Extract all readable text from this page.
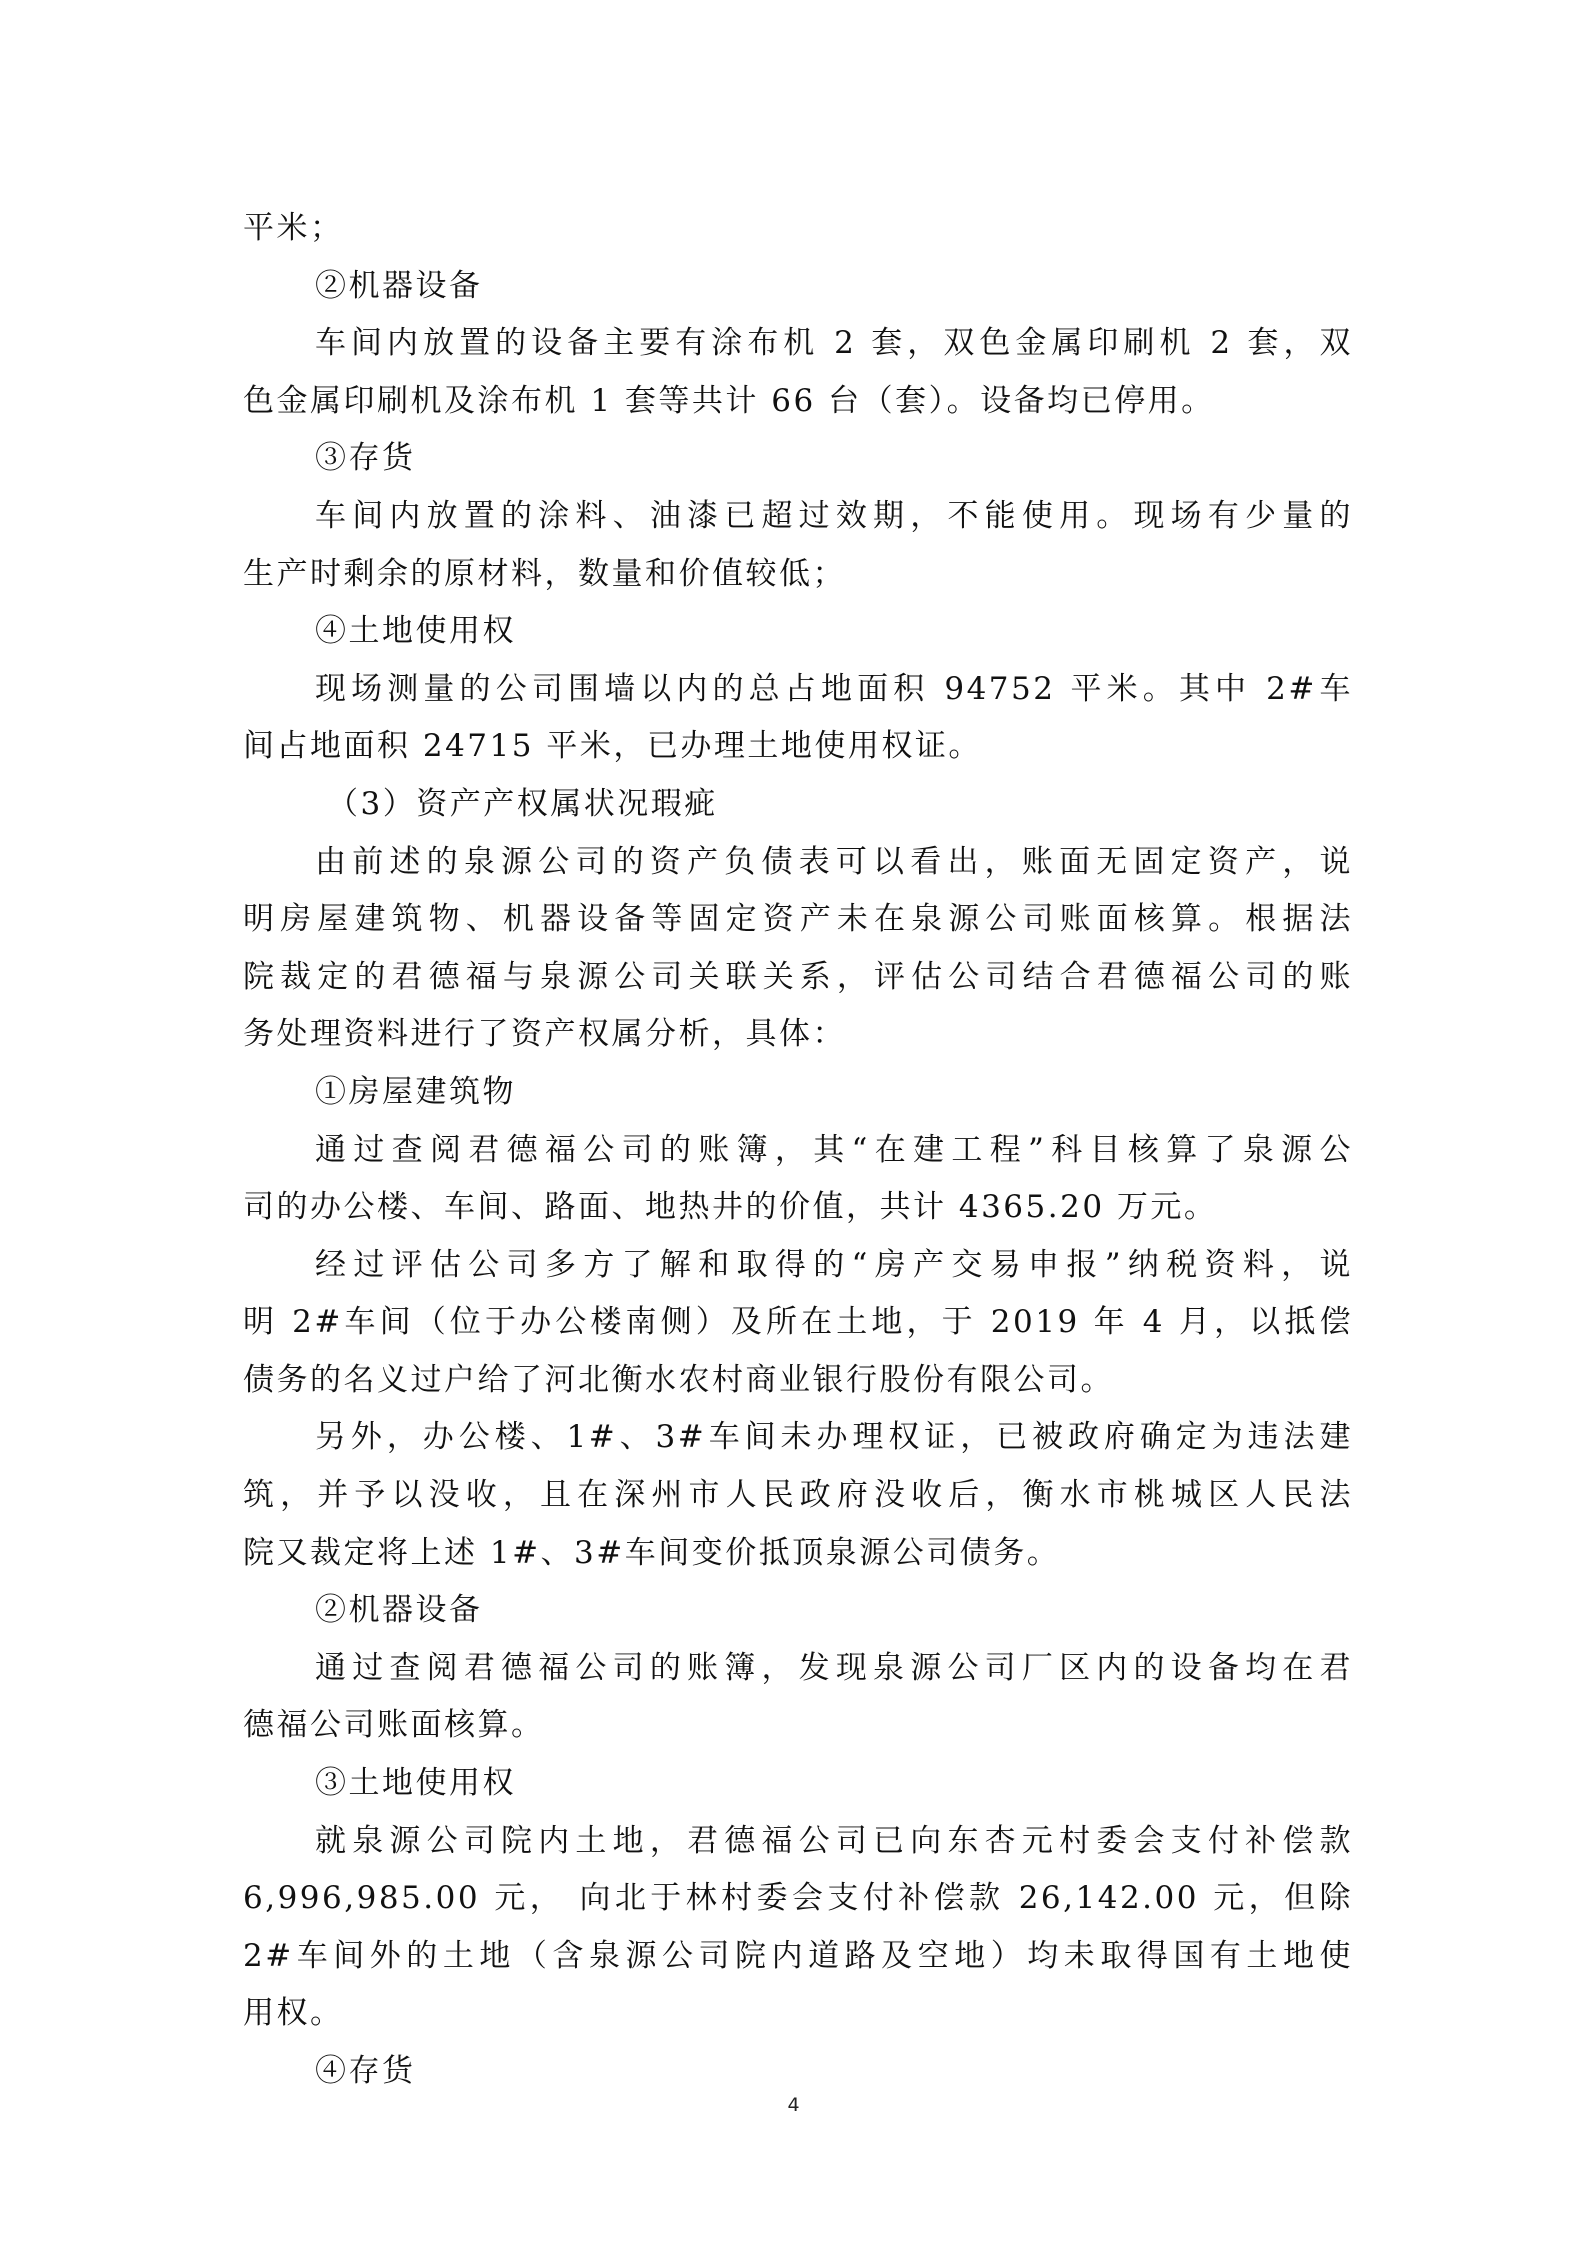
平米；
②机器设备
车间内放置的设备主要有涂布机 2 套，双色金属印刷机 2 套，双
色金属印刷机及涂布机 1 套等共计 66 台（套）。设备均已停用。
③存货
车间内放置的涂料、油漆已超过效期，不能使用。现场有少量的
生产时剩余的原材料，数量和价值较低；
④土地使用权
现场测量的公司围墙以内的总占地面积 94752 平米。其中 2#车
间占地面积 24715 平米，已办理土地使用权证。
（3）资产产权属状况瑕疵
由前述的泉源公司的资产负债表可以看出，账面无固定资产，说
明房屋建筑物、机器设备等固定资产未在泉源公司账面核算。根据法
院裁定的君德福与泉源公司关联关系，评估公司结合君德福公司的账
务处理资料进行了资产权属分析，具体：
①房屋建筑物
通过查阅君德福公司的账簿，其“在建工程”科目核算了泉源公
司的办公楼、车间、路面、地热井的价值，共计 4365.20 万元。
经过评估公司多方了解和取得的“房产交易申报”纳税资料，说
明 2#车间（位于办公楼南侧）及所在土地，于 2019 年 4 月，以抵偿
债务的名义过户给了河北衡水农村商业银行股份有限公司。
另外，办公楼、1#、3#车间未办理权证，已被政府确定为违法建
筑，并予以没收，且在深州市人民政府没收后，衡水市桃城区人民法
院又裁定将上述 1#、3#车间变价抵顶泉源公司债务。
②机器设备
通过查阅君德福公司的账簿，发现泉源公司厂区内的设备均在君
德福公司账面核算。
③土地使用权
就泉源公司院内土地，君德福公司已向东杏元村委会支付补偿款
6,996,985.00 元， 向北于林村委会支付补偿款 26,142.00 元，但除
2#车间外的土地（含泉源公司院内道路及空地）均未取得国有土地使
用权。
④存货
4
